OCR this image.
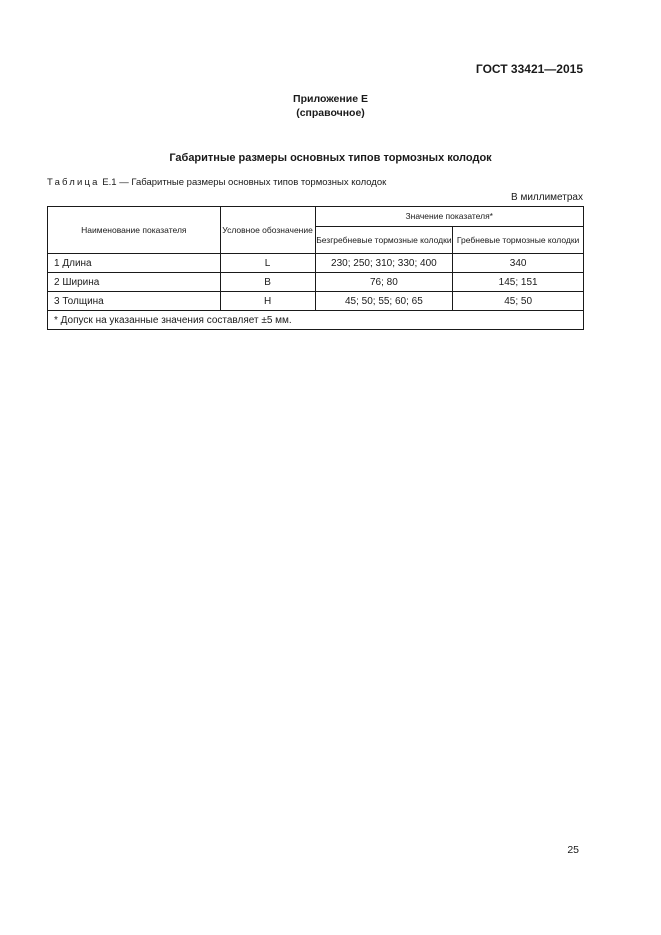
ГОСТ 33421—2015
Приложение Е
(справочное)
Габаритные размеры основных типов тормозных колодок
Таблица Е.1 — Габаритные размеры основных типов тормозных колодок
В миллиметрах
Наименование показателя	Условное обозначение	Значение показателя*	
		Безгребневые тормозные колодки	Гребневые тормозные колодки
1 Длина	L	230; 250; 310; 330; 400	340
2 Ширина	B	76; 80	145; 151
3 Толщина	H	45; 50; 55; 60; 65	45; 50
* Допуск на указанные значения составляет ±5 мм.			
25
